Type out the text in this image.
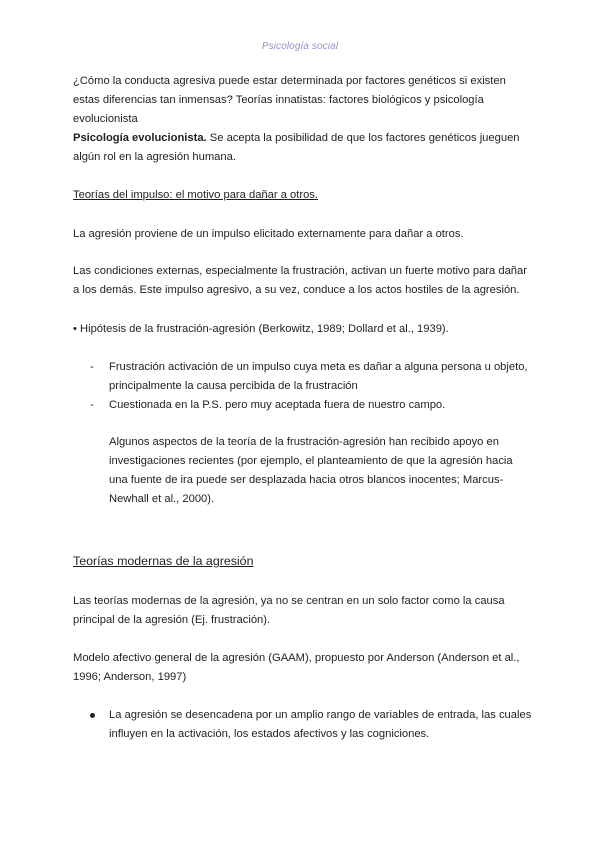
Psicología social

¿Cómo la conducta agresiva puede estar determinada por factores genéticos si existen estas diferencias tan inmensas? Teorías innatistas: factores biológicos y psicología evolucionista

Psicología evolucionista. Se acepta la posibilidad de que los factores genéticos jueguen algún rol en la agresión humana.

Teorías del impulso: el motivo para dañar a otros.

La agresión proviene de un impulso elicitado externamente para dañar a otros.

Las condiciones externas, especialmente la frustración, activan un fuerte motivo para dañar a los demás. Este impulso agresivo, a su vez, conduce a los actos hostiles de la agresión.

• Hipótesis de la frustración-agresión (Berkowitz, 1989; Dollard et al., 1939).

- Frustración activación de un impulso cuya meta es dañar a alguna persona u objeto, principalmente la causa percibida de la frustración
- Cuestionada en la P.S. pero muy aceptada fuera de nuestro campo.

Algunos aspectos de la teoría de la frustración-agresión han recibido apoyo en investigaciones recientes (por ejemplo, el planteamiento de que la agresión hacia una fuente de ira puede ser desplazada hacia otros blancos inocentes; Marcus-Newhall et al., 2000).

Teorías modernas de la agresión

Las teorías modernas de la agresión, ya no se centran en un solo factor como la causa principal de la agresión (Ej. frustración).

Modelo afectivo general de la agresión (GAAM), propuesto por Anderson (Anderson et al., 1996; Anderson, 1997)

La agresión se desencadena por un amplio rango de variables de entrada, las cuales influyen en la activación, los estados afectivos y las cogniciones.
